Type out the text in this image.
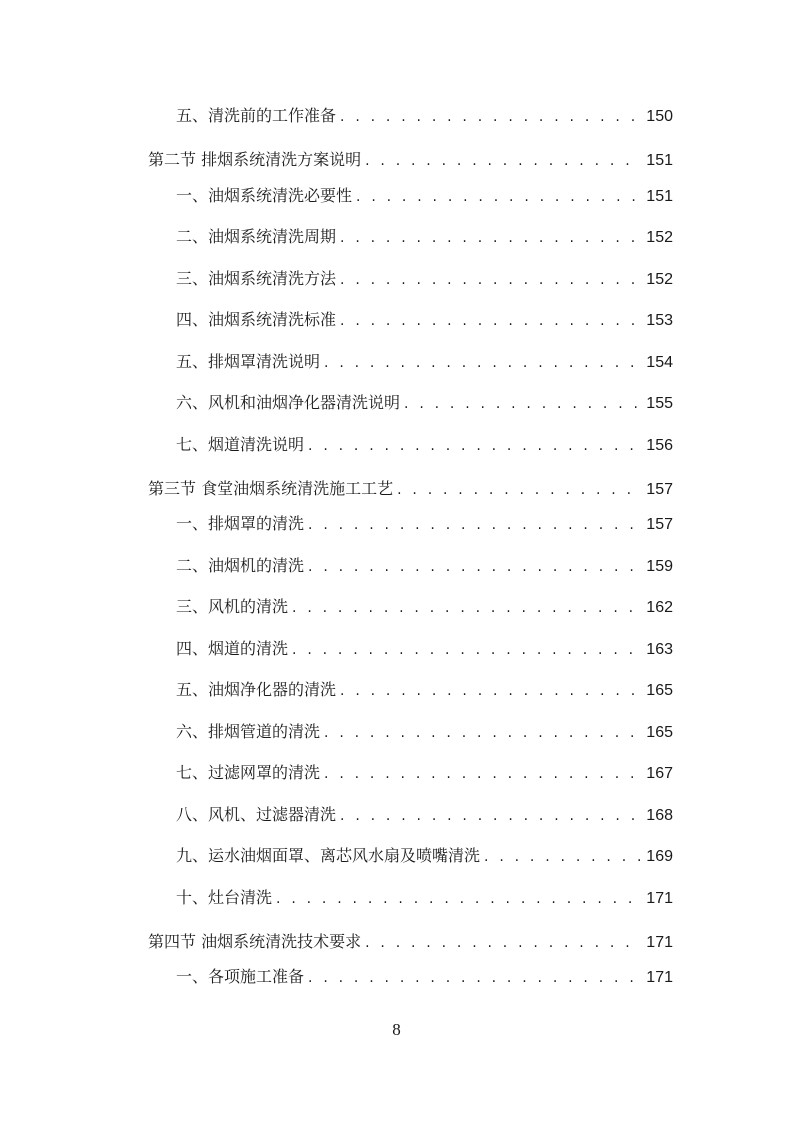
五、清洗前的工作准备 . . .	150
第二节 排烟系统清洗方案说明 . . .	151
一、油烟系统清洗必要性 . . .	151
二、油烟系统清洗周期 . . .	152
三、油烟系统清洗方法 . . .	152
四、油烟系统清洗标准 . . .	153
五、排烟罩清洗说明 . . .	154
六、风机和油烟净化器清洗说明 . . .	155
七、烟道清洗说明 . . .	156
第三节 食堂油烟系统清洗施工工艺 . . .	157
一、排烟罩的清洗 . . .	157
二、油烟机的清洗 . . .	159
三、风机的清洗 . . .	162
四、烟道的清洗 . . .	163
五、油烟净化器的清洗 . . .	165
六、排烟管道的清洗 . . .	165
七、过滤网罩的清洗 . . .	167
八、风机、过滤器清洗 . . .	168
九、运水油烟面罩、离芯风水扇及喷嘴清洗 . . .	169
十、灶台清洗 . . .	171
第四节 油烟系统清洗技术要求 . . .	171
一、各项施工准备 . . .	171
8
